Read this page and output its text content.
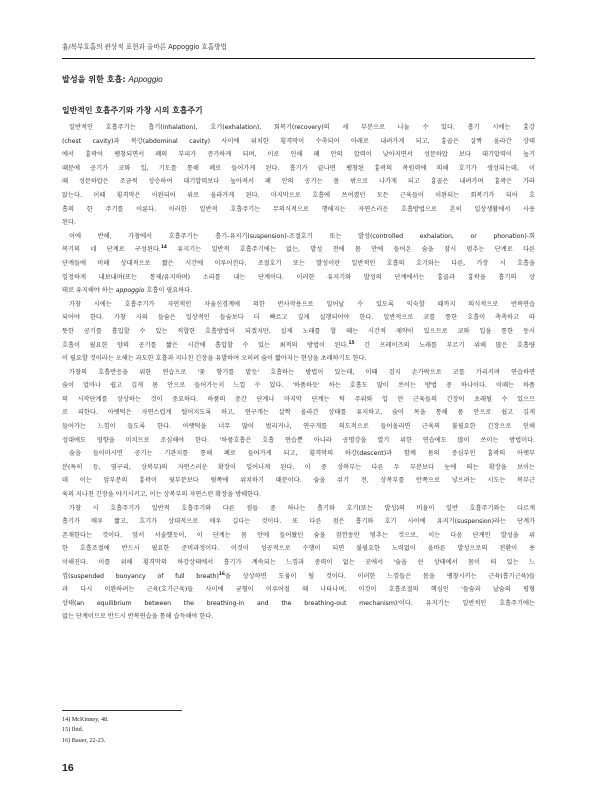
흉/복부호흡의 관상적 표현과 올바른 Appoggio 호흡방법
발성을 위한 호흡: Appoggio
일반적인 호흡주기와 가창 시의 호흡주기
일반적인 호흡주기는 흡기(inhalation), 호기(exhalation), 회복기(recovery)의 세 부분으로 나눌 수 있다. 흡기 시에는 흉강
(chest cavity)과 복강(abdominal cavity) 사이에 위치한 횡격막이 수축되어 아래로 내려가게 되고, 흉골은 살짝 올라간 상태
에서 흉곽이 팽창되면서 폐의 부피가 증가하게 되며, 이로 인해 폐 안의 압력이 낮아지면서 성문하압 보다 대기압력이 높기
때문에 공기가 코와 입, 기도를 통해 폐로 들어가게 된다. 흡기가 끝나면 팽창된 흉곽의 복원력에 의해 호기가 생성되는데, 이
때 성문하압은 조금씩 상승하여 대기압력보다 높아져서 폐 안의 공기는 몸 밖으로 나가게 되고 흉골은 내려가며 흉곽은 가라
앉는다. 이때 횡격막은 이완되어 위로 올라가게 된다. 마지막으로 호흡에 쓰여졌던 모든 근육들이 이완되는 회복기가 되어 호
흡의 한 주기를 이룬다. 이러한 일반적 호흡주기는 무의식적으로 행해지는 자연스러운 호흡방법으로 흔히 일상생활에서 사용
된다.
이에 반해, 가창에서 호흡주기는 흡기-유지기(suspension)-조절호기 또는 발성(controlled exhalation, or phonation)-회
복기의 네 단계로 구성된다.$^{14}$ 유지기는 일반적 호흡주기에는 없는, 발성 전에 몸 안에 들어온 숨을 잠시 멈추는 단계로 다른
단계들에 비해 상대적으로 짧은 시간에 이루어진다. 조절호기 또는 발성이란 일반적인 호흡의 호기와는 다른, 가장 시 호흡을
일정하게 내보내며(또는 통제/유지하며) 소리를 내는 단계이다. 이러한 유지기와 발성의 단계에서는 흉골과 흉곽을 흡기의 상
태로 유지해야 하는 appoggio 호흡이 필요하다.
가창 시에는 호흡주기가 자연적인 자율신경계에 의한 반사작용으로 일어날 수 있도록 익숙할 때까지 의식적으로 반복연습
되어야 한다. 가창 시의 들숨은 일상적인 들숨보다 더 빠르고 깊게 실행되어야 한다. 일반적으로 코를 통한 호흡이 촉촉하고 따
뜻한 공기를 흡입할 수 있는 적합한 호흡방법이 되겠지만, 실제 노래를 할 때는 시간적 제약이 있으므로 코와 입을 통한 동시
호흡이 필요한 양의 공기를 짧은 시간에 흡입할 수 있는 최적의 방법이 된다.$^{15}$ 긴 프레이즈의 노래를 부르기 위해 많은 호흡량
이 필요할 것이라는 오해는 과도한 호흡과 지나친 긴장을 유발하여 오히려 숨이 짧아지는 현상을 초래하기도 한다.
가창의 호흡반응을 위한 연습으로 '꽃 향기를 맡듯' 호흡하는 방법이 있는데, 이때 검지 손가락으로 코를 가리키며 연습하면
숨이 얼마나 쉽고 깊게 몸 안으로 들어가는지 느낄 수 있다. '하품하듯' 하는 호흡도 많이 쓰이는 방법 중 하나이다. 이때는 하품
의 시작단계를 상상하는 것이 중요하다. 하품의 중간 단계나 마지막 단계는 턱 주위와 입 안 근육들의 긴장이 초래될 수 있으므
로 피한다. 아랫턱은 자연스럽게 떨어지도록 하고, 연구개는 살짝 올라간 상태를 유지하고, 숨이 목을 통해 몸 안으로 쉽고 깊게
들어가는 느낌이 들도록 한다. 아랫턱을 너무 많이 벌리거나, 연구개를 의도적으로 들어올리면 근육의 불필요한 긴장으로 인해
성대에도 영향을 미치므로 조심해야 한다. '하품호흡은 호흡 연습뿐 아니라 공명강을 열기 위한 연습에도 많이 쓰이는 방법이다.
숨을 들이마시면 공기는 기관지를 통해 폐로 들어가게 되고, 횡격막의 하강(descent)과 함께 몸의 중심부인 흉곽의 아랫부
분(특히 등, 옆구리, 상복부)의 자연스러운 확장이 일어나게 된다. 이 중 상복부는 다른 두 부분보다 눈에 띄는 확장을 보이는
데 이는 앞부분의 흉곽이 뒷부분보다 윗쪽에 위치하기 때문이다. 숨을 쉬기 전, 상복부를 안쪽으로 넣으려는 시도는 복부근
육의 지나친 긴장을 야기시키고, 이는 상복부의 자연스런 확장을 방해한다.
가창 시 호흡주기가 일반적 호흡주기와 다른 점들 중 하나는 흡기와 호기(또는 발성)의 비율이 일반 호흡주기와는 다르게
흡기가 매우 짧고, 호기가 상대적으로 매우 길다는 것이다. 또 다른 점은 흡기와 호기 사이에 유지기(suspension)라는 단계가
존재한다는 것이다. 앞서 서술했듯이, 이 단계는 몸 안에 들어왔던 숨을 잠깐동안 멈추는 것으로, 이는 다음 단계인 발성을 위
한 호흡조절에 반드시 필요한 준비과정이다. 이것이 성공적으로 수행이 되면 불필요한 노력없이 올바른 발성으로의 전환이 용
이해진다. 이를 위해 횡격막의 하강상태에서 흡기가 계속되는 느낌과 중력이 없는 곳에서 '숨을 쉰 상태에서 몸이 떠 있는 느
낌(suspended buoyancy of full breath)$^{16}$을 상상하면 도움이 될 것이다. 이러한 느낌들은 몸을 팽창시키는 근육(흡기근육)들
과 다시 이완하려는 근육(호기근육)들 사이에 균형이 이루어질 때 나타나며, 이것이 호흡조절의 핵심인 '들숨과 날숨의 평형
상태(an equilibrium between the breathing-in and the breathing-out mechanism)'이다. 유지기는 일반적인 호흡주기에는
없는 단계이므로 반드시 반복연습을 통해 습득해야 한다.
14) McKinney, 48.
15) Ibid.
16) Bauer, 22-23.
16
